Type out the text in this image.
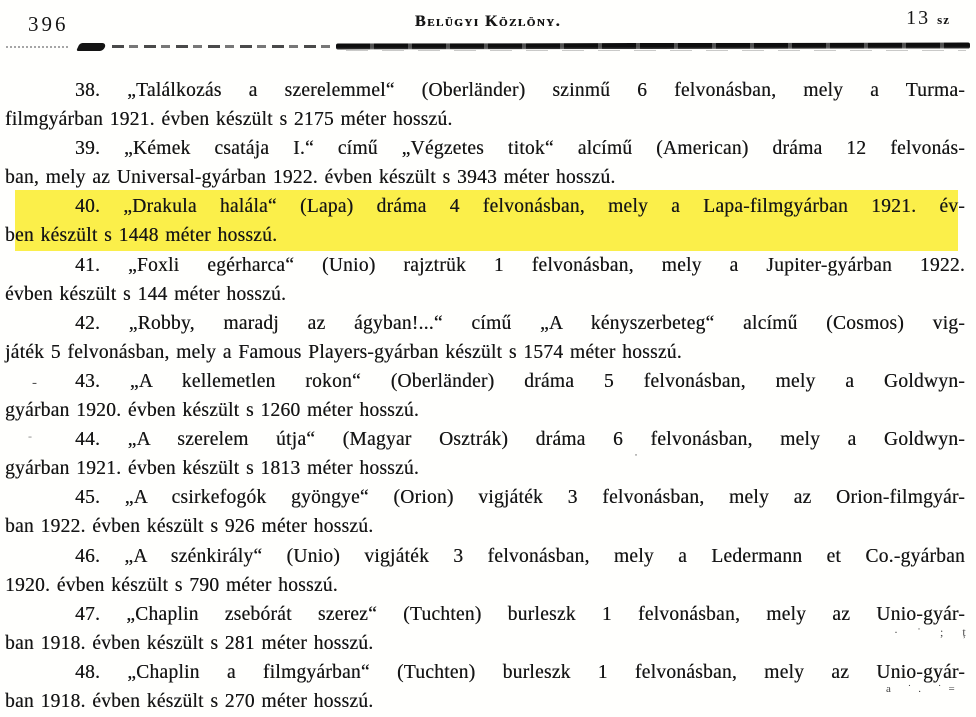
396	Belügyi Közlöny.	13 sz
38. „Találkozás a szerelemmel“ (Oberländer) szinmű 6 felvonásban, mely a Turma-
filmgyárban 1921. évben készült s 2175 méter hosszú.
39. „Kémek csatája I.“ című „Végzetes titok“ alcímű (American) dráma 12 felvonás-
ban, mely az Universal-gyárban 1922. évben készült s 3943 méter hosszú.
40. „Drakula halála“ (Lapa) dráma 4 felvonásban, mely a Lapa-filmgyárban 1921. év-
ben készült s 1448 méter hosszú.
41. „Foxli egérharca“ (Unio) rajztrük 1 felvonásban, mely a Jupiter-gyárban 1922.
évben készült s 144 méter hosszú.
42. „Robby, maradj az ágyban!...“ című „A kényszerbeteg“ alcímű (Cosmos) vig-
játék 5 felvonásban, mely a Famous Players-gyárban készült s 1574 méter hosszú.
43. „A kellemetlen rokon“ (Oberländer) dráma 5 felvonásban, mely a Goldwyn-
gyárban 1920. évben készült s 1260 méter hosszú.
44. „A szerelem útja“ (Magyar Osztrák) dráma 6 felvonásban, mely a Goldwyn-
gyárban 1921. évben készült s 1813 méter hosszú.
45. „A csirkefogók gyöngye“ (Orion) vigjáték 3 felvonásban, mely az Orion-filmgyár-
ban 1922. évben készült s 926 méter hosszú.
46. „A szénkirály“ (Unio) vigjáték 3 felvonásban, mely a Ledermann et Co.-gyárban
1920. évben készült s 790 méter hosszú.
47. „Chaplin zsebórát szerez“ (Tuchten) burleszk 1 felvonásban, mely az Unio-gyár-
ban 1918. évben készült s 281 méter hosszú.
48. „Chaplin a filmgyárban“ (Tuchten) burleszk 1 felvonásban, mely az Unio-gyár-
ban 1918. évben készült s 270 méter hosszú.
-
-
· ˙ ; ț
a ˙. ˙=
˙
